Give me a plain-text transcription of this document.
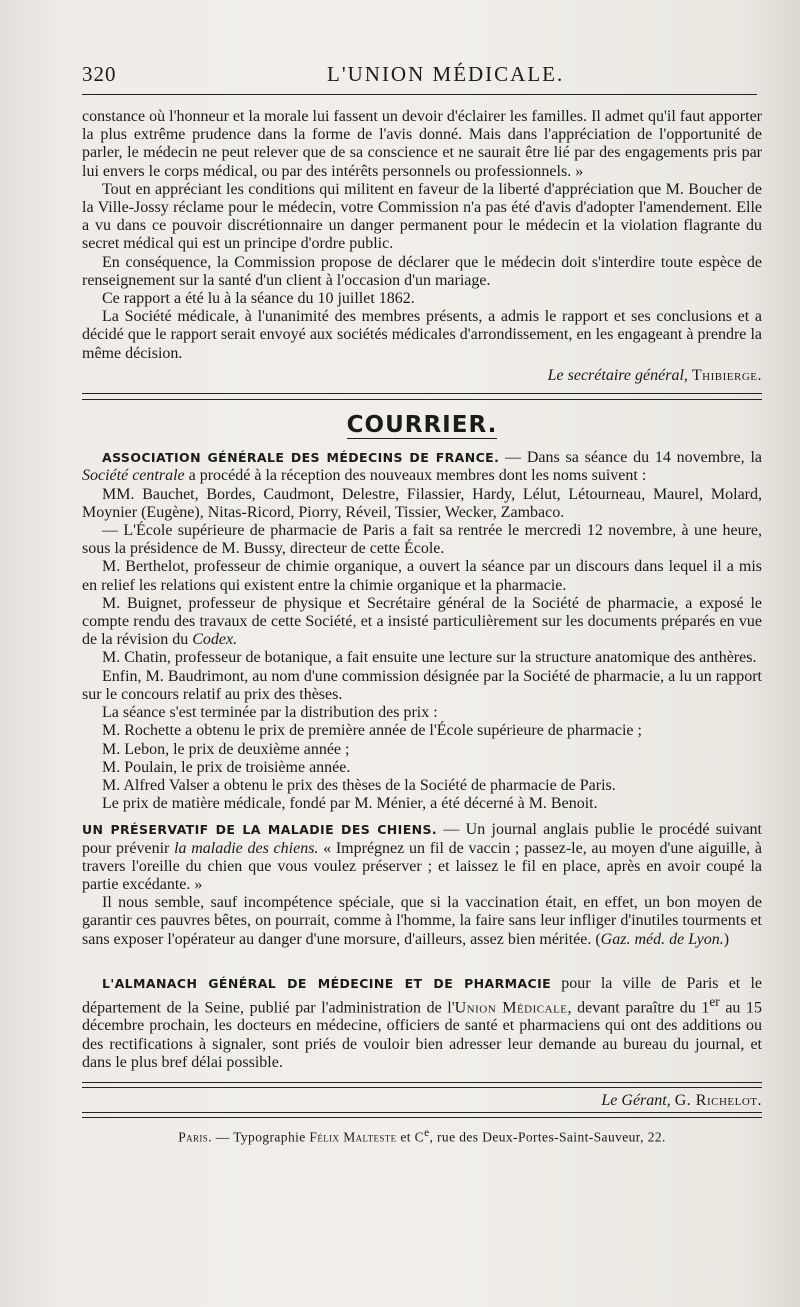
320	L'UNION MÉDICALE.

constance où l'honneur et la morale lui fassent un devoir d'éclairer les familles. Il admet qu'il faut apporter la plus extrême prudence dans la forme de l'avis donné. Mais dans l'appréciation de l'opportunité de parler, le médecin ne peut relever que de sa conscience et ne saurait être lié par des engagements pris par lui envers le corps médical, ou par des intérêts personnels ou professionnels. »

Tout en appréciant les conditions qui militent en faveur de la liberté d'appréciation que M. Boucher de la Ville-Jossy réclame pour le médecin, votre Commission n'a pas été d'avis d'adopter l'amendement. Elle a vu dans ce pouvoir discrétionnaire un danger permanent pour le médecin et la violation flagrante du secret médical qui est un principe d'ordre public.

En conséquence, la Commission propose de déclarer que le médecin doit s'interdire toute espèce de renseignement sur la santé d'un client à l'occasion d'un mariage.

Ce rapport a été lu à la séance du 10 juillet 1862.

La Société médicale, à l'unanimité des membres présents, a admis le rapport et ses conclusions et a décidé que le rapport serait envoyé aux sociétés médicales d'arrondissement, en les engageant à prendre la même décision.

Le secrétaire général, Thibierge.

COURRIER.

ASSOCIATION GÉNÉRALE DES MÉDECINS DE FRANCE. — Dans sa séance du 14 novembre, la Société centrale a procédé à la réception des nouveaux membres dont les noms suivent :

MM. Bauchet, Bordes, Caudmont, Delestre, Filassier, Hardy, Lélut, Létourneau, Maurel, Molard, Moynier (Eugène), Nitas-Ricord, Piorry, Réveil, Tissier, Wecker, Zambaco.

— L'École supérieure de pharmacie de Paris a fait sa rentrée le mercredi 12 novembre, à une heure, sous la présidence de M. Bussy, directeur de cette École.

M. Berthelot, professeur de chimie organique, a ouvert la séance par un discours dans lequel il a mis en relief les relations qui existent entre la chimie organique et la pharmacie.

M. Buignet, professeur de physique et Secrétaire général de la Société de pharmacie, a exposé le compte rendu des travaux de cette Société, et a insisté particulièrement sur les documents préparés en vue de la révision du Codex.

M. Chatin, professeur de botanique, a fait ensuite une lecture sur la structure anatomique des anthères.

Enfin, M. Baudrimont, au nom d'une commission désignée par la Société de pharmacie, a lu un rapport sur le concours relatif au prix des thèses.

La séance s'est terminée par la distribution des prix :

M. Rochette a obtenu le prix de première année de l'École supérieure de pharmacie ;

M. Lebon, le prix de deuxième année ;

M. Poulain, le prix de troisième année.

M. Alfred Valser a obtenu le prix des thèses de la Société de pharmacie de Paris.

Le prix de matière médicale, fondé par M. Ménier, a été décerné à M. Benoit.

UN PRÉSERVATIF DE LA MALADIE DES CHIENS. — Un journal anglais publie le procédé suivant pour prévenir la maladie des chiens. « Imprégnez un fil de vaccin ; passez-le, au moyen d'une aiguille, à travers l'oreille du chien que vous voulez préserver ; et laissez le fil en place, après en avoir coupé la partie excédante. »

Il nous semble, sauf incompétence spéciale, que si la vaccination était, en effet, un bon moyen de garantir ces pauvres bêtes, on pourrait, comme à l'homme, la faire sans leur infliger d'inutiles tourments et sans exposer l'opérateur au danger d'une morsure, d'ailleurs, assez bien méritée. (Gaz. méd. de Lyon.)

L'ALMANACH GÉNÉRAL DE MÉDECINE ET DE PHARMACIE pour la ville de Paris et le département de la Seine, publié par l'administration de l'Union Médicale, devant paraître du 1er au 15 décembre prochain, les docteurs en médecine, officiers de santé et pharmaciens qui ont des additions ou des rectifications à signaler, sont priés de vouloir bien adresser leur demande au bureau du journal, et dans le plus bref délai possible.

Le Gérant, G. Richelot.

Paris. — Typographie Félix Malteste et Ce, rue des Deux-Portes-Saint-Sauveur, 22.
